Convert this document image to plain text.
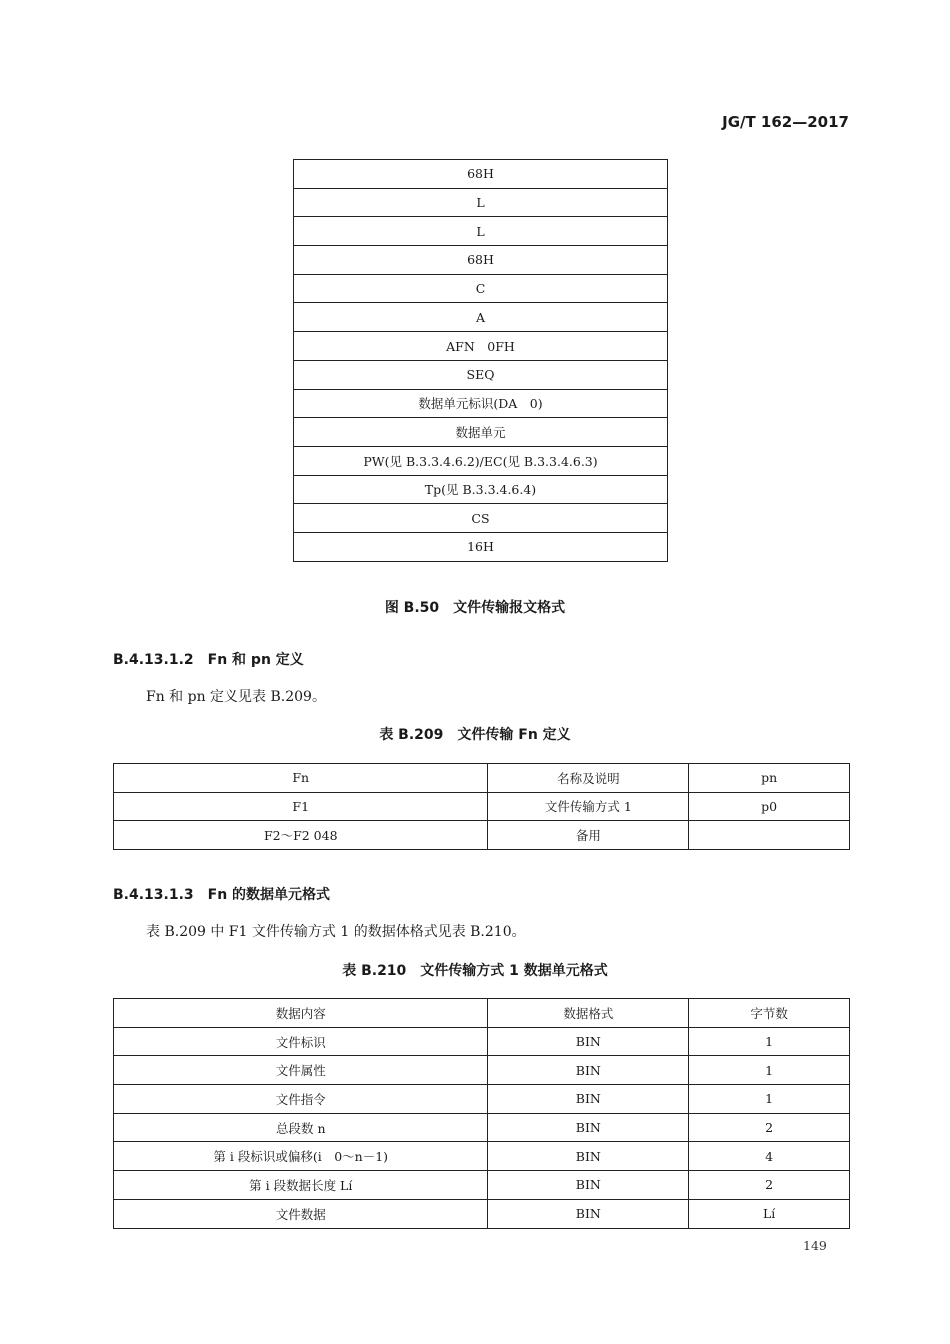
JG/T 162—2017
68H
L
L
68H
C
A
AFN　0FH
SEQ
数据单元标识(DA　0)
数据单元
PW(见 B.3.3.4.6.2)/EC(见 B.3.3.4.6.3)
Tp(见 B.3.3.4.6.4)
CS
16H
图 B.50　文件传输报文格式
B.4.13.1.2　Fn 和 pn 定义
Fn 和 pn 定义见表 B.209。
表 B.209　文件传输 Fn 定义
Fn	名称及说明	pn
F1	文件传输方式 1	p0
F2～F2 048	备用	
B.4.13.1.3　Fn 的数据单元格式
表 B.209 中 F1 文件传输方式 1 的数据体格式见表 B.210。
表 B.210　文件传输方式 1 数据单元格式
数据内容	数据格式	字节数
文件标识	BIN	1
文件属性	BIN	1
文件指令	BIN	1
总段数 n	BIN	2
第 i 段标识或偏移(i　0～n－1)	BIN	4
第 i 段数据长度 Lí	BIN	2
文件数据	BIN	Lí
149
